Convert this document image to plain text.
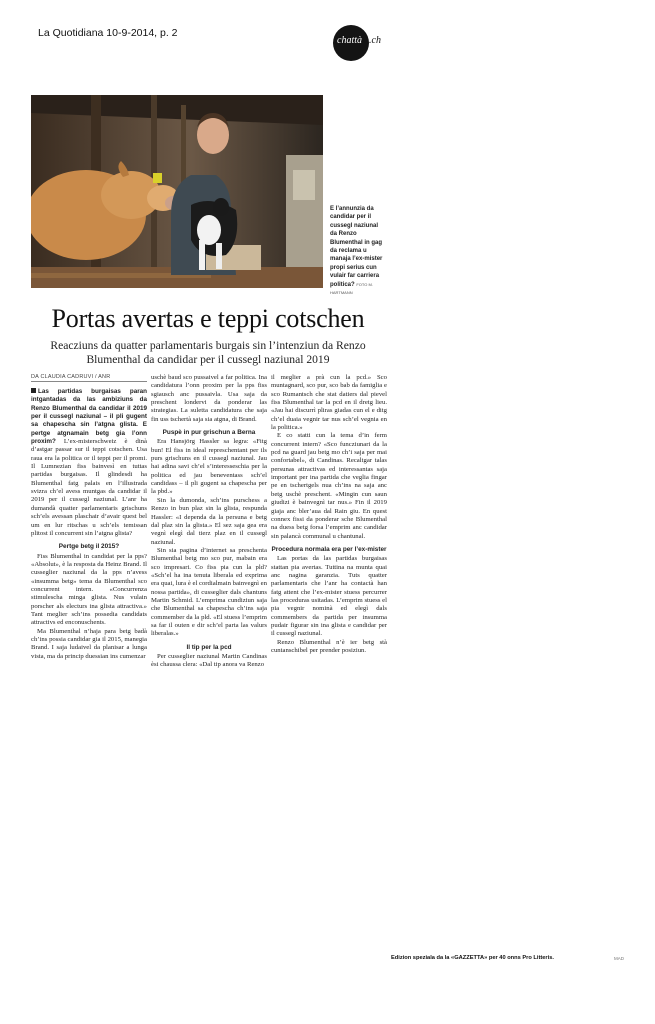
La Quotidiana 10-9-2014, p. 2
chattà .ch
E l’annunzia da candidar per il cussegl naziunal da Renzo Blumenthal in gag da reclama u manaja l’ex-mister propi serius cun vulair far carriera politica? FOTO M. HARTMANN
Portas avertas e teppi cotschen
Reacziuns da quatter parlamentaris burgais sin l’intenziun da Renzo Blumenthal da candidar per il cussegl naziunal 2019
DA CLAUDIA CADRUVI / ANR

Las partidas burgaisas paran intgantadas da las ambiziuns da Renzo Blumenthal da candidar il 2019 per il cussegl naziunal – il pli gugent sa chapescha sin l’atgna glista. E pertge atgnamain betg gia l’onn proxim? L’ex-misterschweiz è dinà d’astgar passar sur il teppi cotschen. Usa raua era la politica or il teppi per il promi. Il Lumnezian fiss bainvesì en tuttas partidas burgaisas. Il glindesdi ha Blumenthal fatg palais en l’illustrada svizra ch’el avess muntgas da candidar il 2019 per il cussegl naziunal. L’anr ha dumandà quatter parlamentaris grischuns sch’els avessan plaschair d’avair quest bel um en lur ritschas u sch’els temissan plitost il concurrent sin l’atgna glista?

Pertge betg il 2015?

Fiss Blumenthal in candidat per la pps? «Absolut», è la resposta da Heinz Brand. Il cusseglier naziunal da la pps n’avess «insumma betg» tema da Blumenthal sco concurrent intern. «Concurrenza stimulescha minga glista. Nus vulain porscher als electurs ina glista attractiva.» Tant meglier sch’ins possedia candidats attractivs ed enconuschents.

Ma Blumenthal n’haja para betg badà ch’ins possia candidar gia il 2015, manegia Brand. I saja ludaivel da planisar a lunga vista, ma da princip duessian ins cumenzar

uschè baud sco pussaivel a far politica. Ina candidatura l’onn proxim per la pps fiss sgiausch anc pussaivla. Usa saja da preschent londervi da ponderar las strategias. La suletta candidatura che saja fin uss tschertà saja sia atgna, di Brand.

Puspè in pur grischun a Berna

Era Hansjörg Hassler sa legra: «Fitg bun! El fiss in ideal represchentant per ils purs grischuns en il cussegl naziunal. Jau hai adina savi ch’el s’interesseschia per la politica ed jau beneventass sch’el candidass – il pli gugent sa chapescha per la pbd.»

Sin la dumonda, sch’ins purschess a Renzo in bun plaz sin la glista, respunda Hassler: «I dependa da la persuna e betg dal plaz sin la glista.» El sez saja gea era vegnì elegì dal tierz plaz en il cussegl naziunal.

Sin sia pagina d’internet sa preschenta Blumenthal betg mo sco pur, mabain era sco impresari. Co fiss pia cun la pld? «Sch’el ha ina tenuta liberala ed exprima era quai, lura è el cordialmain bainvegnì en nossa partida», di cusseglier dals chantuns Martin Schmid. L’emprima cundiziun saja che Blumenthal sa chapescha ch’ins saja commember da la pld. «El stuess l’emprim sa far il outen e dir sch’el parta las valurs liberalas.»

Il tip per la pcd

Per cusseglier naziunal Martin Candinas èsi chaussa clera: «Dal tip anora va Renzo

il meglier a prà cun la pcd.» Sco muntagnard, sco pur, sco bab da famiglia e sco Rumantsch che stat datiers dal pievel fiss Blumenthal tar la pcd en il dretg lieu. «Jau hai discurrì pliras giadas cun el e ditg ch’el duaia vegnir tar nus sch’el vegnia en la politica.»

E co statti cun la tema d’in ferm concurrent intern? «Sco funcziunari da la pcd na guard jau betg mo ch’i saja per mai confortabel», di Candinas. Recaltgar talas persunas attractivas ed interessantas saja important per ina partida che veglia fingar pe en tschertgels nua ch’ins na saja anc betg uschè preschent. «Mingin cun saun giudizi è bainvegnì tar nus.» Fin il 2019 giaja anc bler’aua dal Rain giu. En quest connex fissi da ponderar sche Blumenthal na duess betg forsa l’emprim anc candidar sin palancà communal u chantunal.

Procedura normala era per l’ex-mister

Las portas da las partidas burgaisas stattan pia avertas. Tuttina na munta quai anc nagina garanzia. Tuts quatter parlamentaris che l’anr ha contactà han fatg attent che l’ex-mister stuess percurrer las proceduras usitadas. L’emprim stuess el pia vegnir nominà ed elegì dals commembers da partida per insumma pudair figurar sin ina glista e candidar per il cussegl naziunal.

Renzo Blumenthal n’è ier betg stà cuntanschibel per prender posiziun.

Edizion speziala da la «GAZZETTA» per 40 onns Pro Litteris.	MAD
